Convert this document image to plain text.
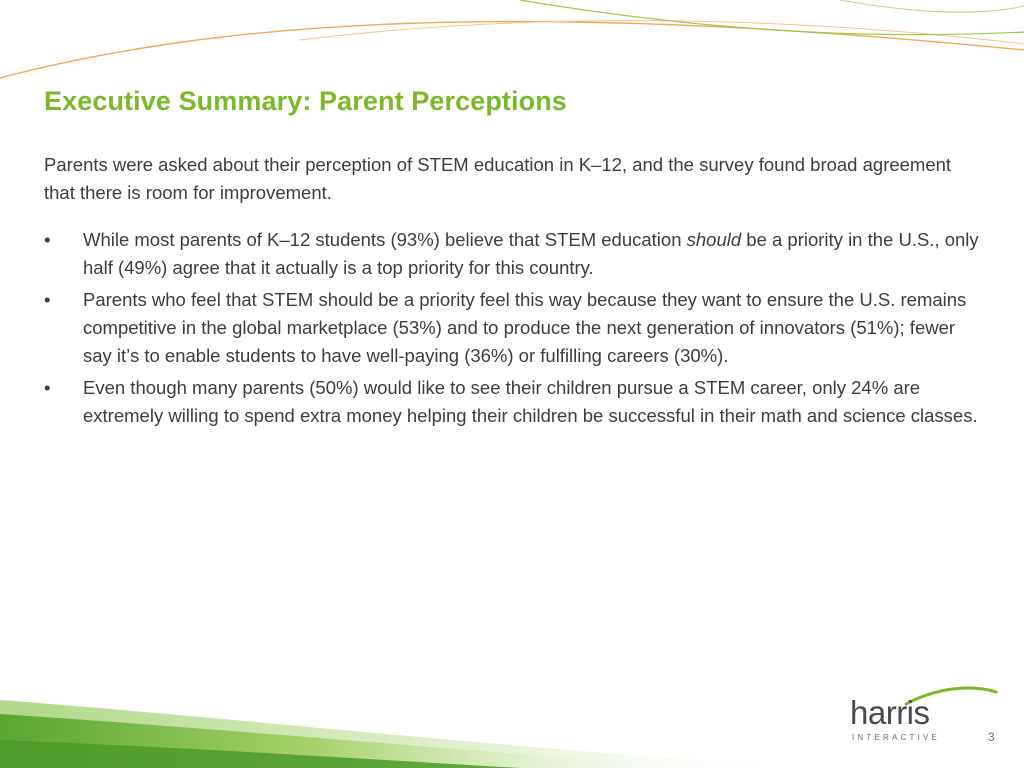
Executive Summary: Parent Perceptions

Parents were asked about their perception of STEM education in K–12, and the survey found broad agreement that there is room for improvement.

• While most parents of K–12 students (93%) believe that STEM education should be a priority in the U.S., only half (49%) agree that it actually is a top priority for this country.
• Parents who feel that STEM should be a priority feel this way because they want to ensure the U.S. remains competitive in the global marketplace (53%) and to produce the next generation of innovators (51%); fewer say it’s to enable students to have well-paying (36%) or fulfilling careers (30%).
• Even though many parents (50%) would like to see their children pursue a STEM career, only 24% are extremely willing to spend extra money helping their children be successful in their math and science classes.
harris
INTERACTIVE	3
